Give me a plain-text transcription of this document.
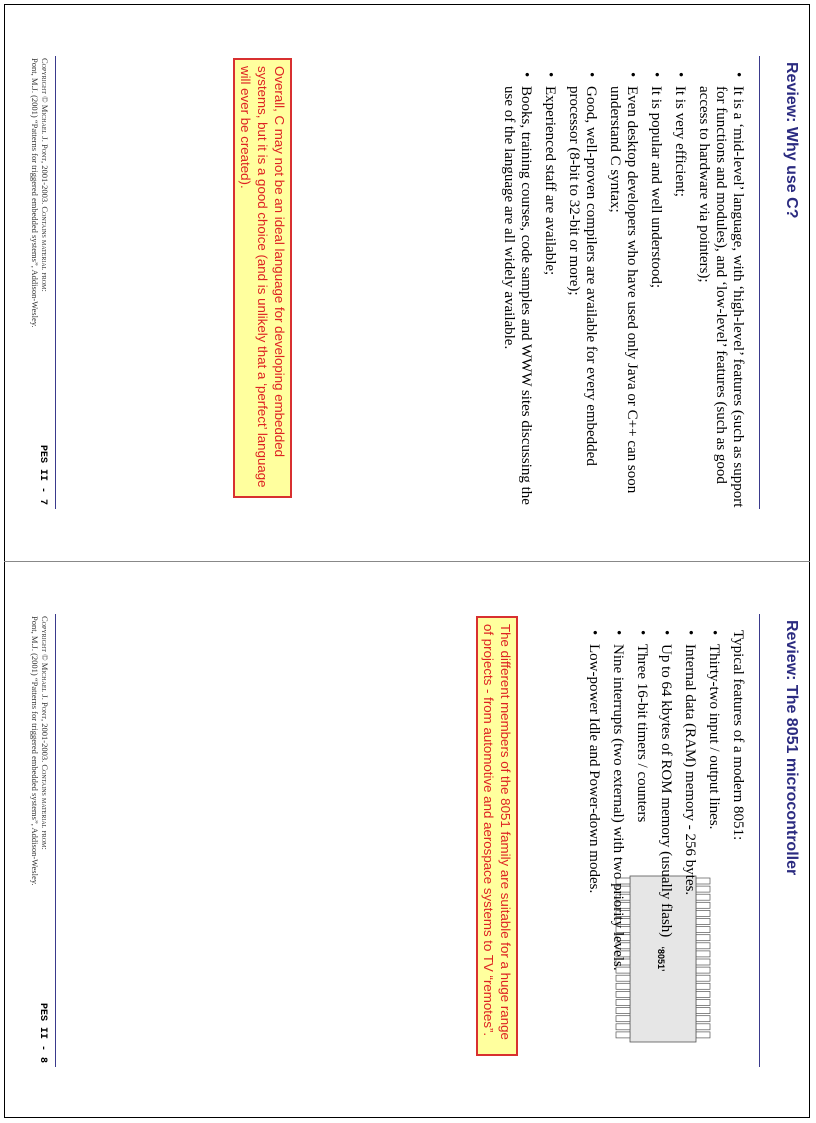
Review: Why use C?
• It is a ‘mid-level’ language, with ‘high-level’ features (such as support for functions and modules), and ‘low-level’ features (such as good access to hardware via pointers);
• It is very efficient;
• It is popular and well understood;
• Even desktop developers who have used only Java or C++ can soon understand C syntax;
• Good, well-proven compilers are available for every embedded processor (8-bit to 32-bit or more);
• Experienced staff are available;
• Books, training courses, code samples and WWW sites discussing the use of the language are all widely available.
Overall, C may not be an ideal language for developing embedded systems, but it is a good choice (and is unlikely that a ‘perfect’ language will ever be created).
Copyright © Michael J. Pont, 2001-2003. Contains material from:
Pont, M.J. (2001) “Patterns for triggered embedded systems”, Addison-Wesley.
PES II - 7
Review: The 8051 microcontroller
‘8051’
Typical features of a modern 8051:
• Thirty-two input / output lines.
• Internal data (RAM) memory - 256 bytes.
• Up to 64 kbytes of ROM memory (usually flash)
• Three 16-bit timers / counters
• Nine interrupts (two external) with two priority levels.
• Low-power Idle and Power-down modes.
The different members of the 8051 family are suitable for a huge range of projects - from automotive and aerospace systems to TV “remotes”.
Copyright © Michael J. Pont, 2001-2003. Contains material from:
Pont, M.J. (2001) “Patterns for triggered embedded systems”, Addison-Wesley.
PES II - 8
